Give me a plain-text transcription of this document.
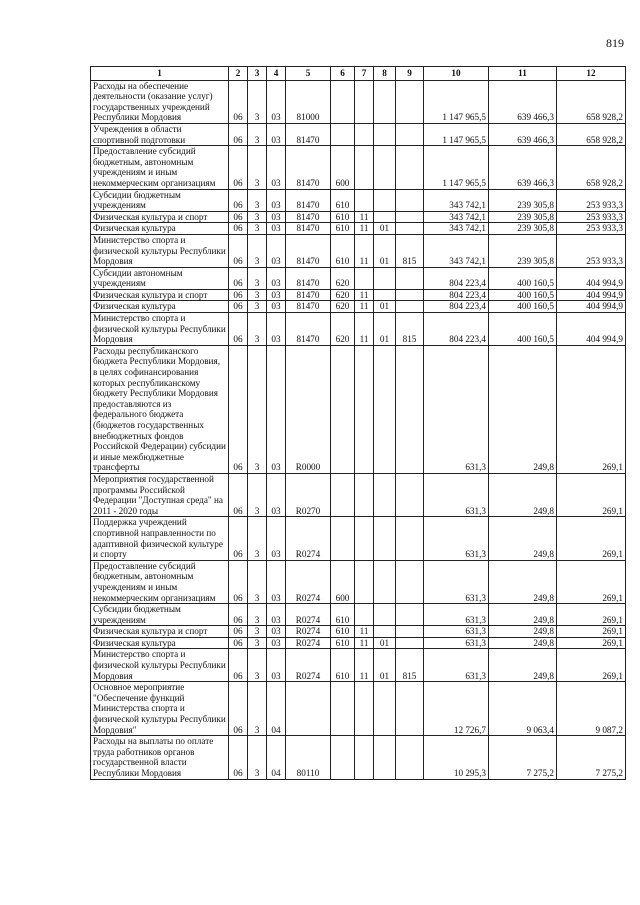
819
1	2	3	4	5	6	7	8	9	10	11	12
Расходы на обеспечение деятельности (оказание услуг) государственных учреждений Республики Мордовия	06	3	03	81000					1 147 965,5	639 466,3	658 928,2
Учреждения в области спортивной подготовки	06	3	03	81470					1 147 965,5	639 466,3	658 928,2
Предоставление субсидий бюджетным, автономным учреждениям и иным некоммерческим организациям	06	3	03	81470	600				1 147 965,5	639 466,3	658 928,2
Субсидии бюджетным учреждениям	06	3	03	81470	610				343 742,1	239 305,8	253 933,3
Физическая культура и спорт	06	3	03	81470	610	11			343 742,1	239 305,8	253 933,3
Физическая культура	06	3	03	81470	610	11	01		343 742,1	239 305,8	253 933,3
Министерство спорта и физической культуры Республики Мордовия	06	3	03	81470	610	11	01	815	343 742,1	239 305,8	253 933,3
Субсидии автономным учреждениям	06	3	03	81470	620				804 223,4	400 160,5	404 994,9
Физическая культура и спорт	06	3	03	81470	620	11			804 223,4	400 160,5	404 994,9
Физическая культура	06	3	03	81470	620	11	01		804 223,4	400 160,5	404 994,9
Министерство спорта и физической культуры Республики Мордовия	06	3	03	81470	620	11	01	815	804 223,4	400 160,5	404 994,9
Расходы республиканского бюджета Республики Мордовия, в целях софинансирования которых республиканскому бюджету Республики Мордовия предоставляются из федерального бюджета (бюджетов государственных внебюджетных фондов Российской Федерации) субсидии и иные межбюджетные трансферты	06	3	03	R0000					631,3	249,8	269,1
Мероприятия государственной программы Российской Федерации "Доступная среда" на 2011 - 2020 годы	06	3	03	R0270					631,3	249,8	269,1
Поддержка учреждений спортивной направленности по адаптивной физической культуре и спорту	06	3	03	R0274					631,3	249,8	269,1
Предоставление субсидий бюджетным, автономным учреждениям и иным некоммерческим организациям	06	3	03	R0274	600				631,3	249,8	269,1
Субсидии бюджетным учреждениям	06	3	03	R0274	610				631,3	249,8	269,1
Физическая культура и спорт	06	3	03	R0274	610	11			631,3	249,8	269,1
Физическая культура	06	3	03	R0274	610	11	01		631,3	249,8	269,1
Министерство спорта и физической культуры Республики Мордовия	06	3	03	R0274	610	11	01	815	631,3	249,8	269,1
Основное мероприятие "Обеспечение функций Министерства спорта и физической культуры Республики Мордовия"	06	3	04						12 726,7	9 063,4	9 087,2
Расходы на выплаты по оплате труда работников органов государственной власти Республики Мордовия	06	3	04	80110					10 295,3	7 275,2	7 275,2
